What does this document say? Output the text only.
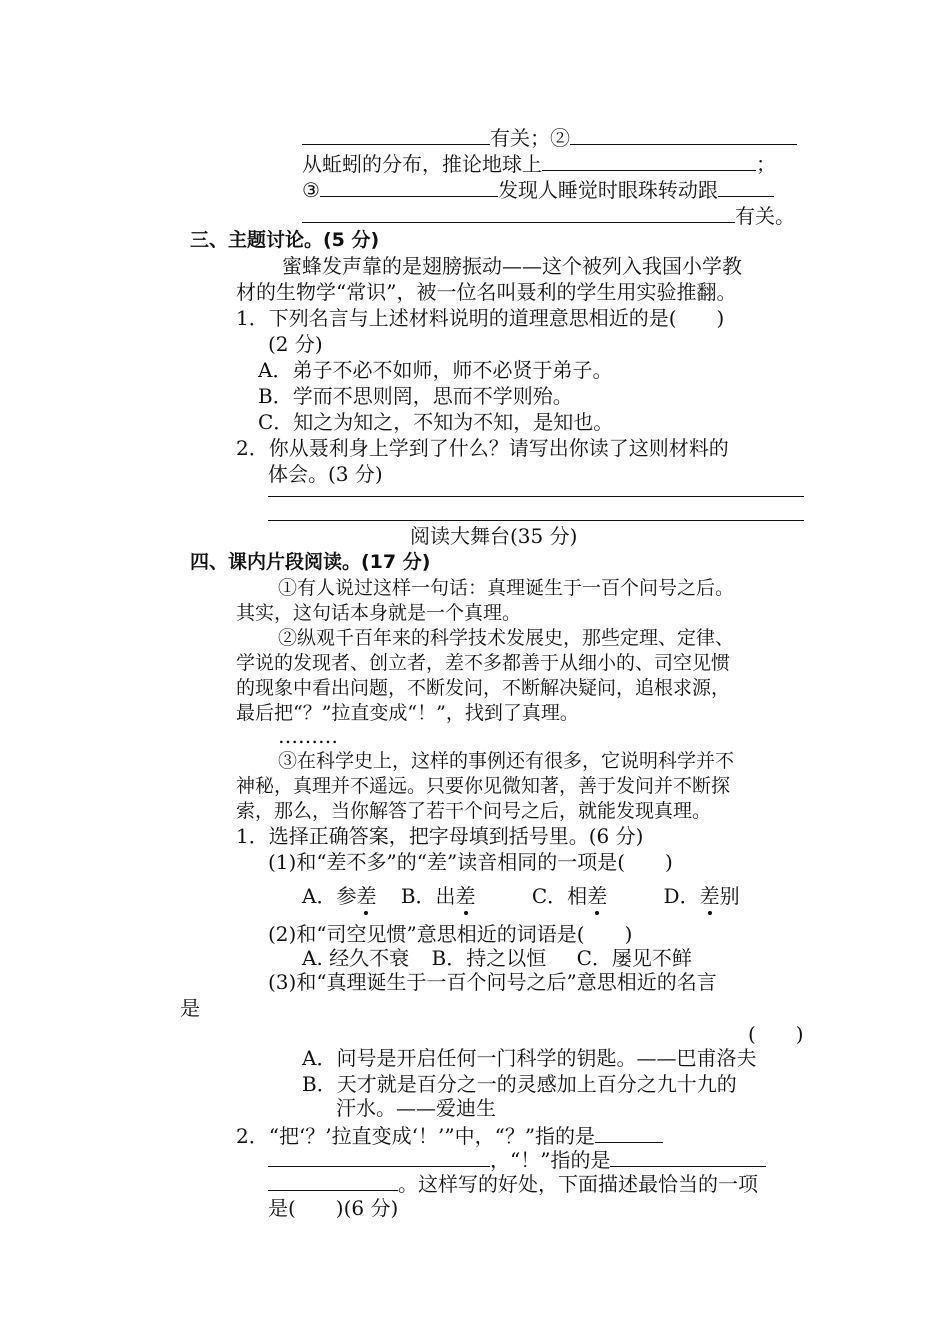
有关；②
从蚯蚓的分布，推论地球上	；
③	发现人睡觉时眼珠转动跟
有关。
三、主题讨论。(5 分)
蜜蜂发声靠的是翅膀振动——这个被列入我国小学教
材的生物学“常识”，被一位名叫聂利的学生用实验推翻。
1．下列名言与上述材料说明的道理意思相近的是(　　)
(2 分)
A．弟子不必不如师，师不必贤于弟子。
B．学而不思则罔，思而不学则殆。
C．知之为知之，不知为不知，是知也。
2．你从聂利身上学到了什么？请写出你读了这则材料的
体会。(3 分)
阅读大舞台(35 分)
四、课内片段阅读。(17 分)
①有人说过这样一句话：真理诞生于一百个问号之后。
其实，这句话本身就是一个真理。
②纵观千百年来的科学技术发展史，那些定理、定律、
学说的发现者、创立者，差不多都善于从细小的、司空见惯
的现象中看出问题，不断发问，不断解决疑问，追根求源，
最后把“？”拉直变成“！”，找到了真理。
………
③在科学史上，这样的事例还有很多，它说明科学并不
神秘，真理并不遥远。只要你见微知著，善于发问并不断探
索，那么，当你解答了若干个问号之后，就能发现真理。
1．选择正确答案，把字母填到括号里。(6 分)
(1)和“差不多”的“差”读音相同的一项是(　　)
A．参差 B．出差	C．相差	D．差别
(2)和“司空见惯”意思相近的词语是(　　)
A. 经久不衰 B．持之以恒 C．屡见不鲜
(3)和“真理诞生于一百个问号之后”意思相近的名言
是
(　　)
A．问号是开启任何一门科学的钥匙。——巴甫洛夫
B．天才就是百分之一的灵感加上百分之九十九的
汗水。——爱迪生
2．“把‘？’拉直变成‘！’”中，“？”指的是
，“！”指的是
。这样写的好处，下面描述最恰当的一项
是(　　)(6 分)
